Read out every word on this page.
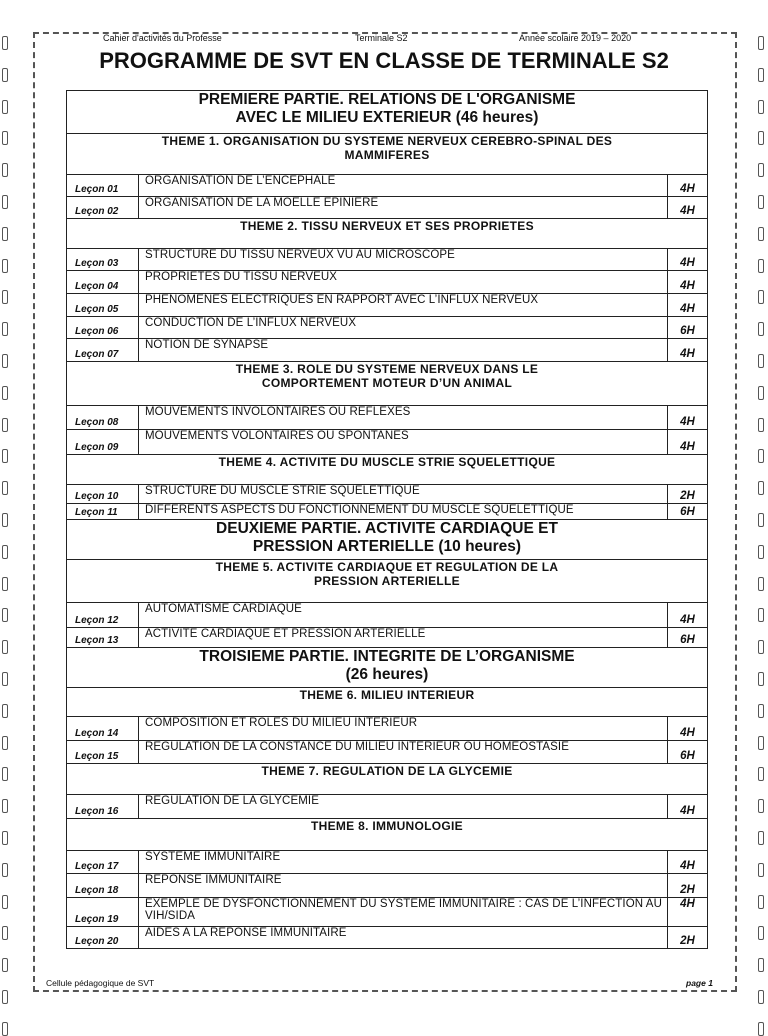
Cahier d'activités du Professe	Terminale S2	Année scolaire 2019 – 2020
PROGRAMME DE SVT EN CLASSE DE TERMINALE S2
PREMIERE PARTIE. RELATIONS DE L'ORGANISME
AVEC LE MILIEU EXTERIEUR (46 heures)		

THEME 1. ORGANISATION DU SYSTEME NERVEUX CEREBRO-SPINAL DES
MAMMIFERES		

Leçon 01	ORGANISATION DE L’ENCEPHALE	4H
Leçon 02	ORGANISATION DE LA MOELLE EPINIERE	4H

THEME 2. TISSU NERVEUX ET SES PROPRIETES		

Leçon 03	STRUCTURE DU TISSU NERVEUX VU AU MICROSCOPE	4H
Leçon 04	PROPRIETES DU TISSU NERVEUX	4H
Leçon 05	PHENOMENES ELECTRIQUES EN RAPPORT AVEC L’INFLUX NERVEUX	4H
Leçon 06	CONDUCTION DE L’INFLUX NERVEUX	6H
Leçon 07	NOTION DE SYNAPSE	4H

THEME 3. ROLE DU SYSTEME NERVEUX DANS LE
COMPORTEMENT MOTEUR D’UN ANIMAL		

Leçon 08	MOUVEMENTS INVOLONTAIRES OU REFLEXES	4H
Leçon 09	MOUVEMENTS VOLONTAIRES OU SPONTANES	4H

THEME 4. ACTIVITE DU MUSCLE STRIE SQUELETTIQUE		

Leçon 10	STRUCTURE DU MUSCLE STRIE SQUELETTIQUE	2H
Leçon 11	DIFFERENTS ASPECTS DU FONCTIONNEMENT DU MUSCLE SQUELETTIQUE	6H

DEUXIEME PARTIE. ACTIVITE CARDIAQUE ET
PRESSION ARTERIELLE (10 heures)		

THEME 5. ACTIVITE CARDIAQUE ET REGULATION DE LA
PRESSION ARTERIELLE		

Leçon 12	AUTOMATISME CARDIAQUE	4H
Leçon 13	ACTIVITE CARDIAQUE ET PRESSION ARTERIELLE	6H

TROISIEME PARTIE. INTEGRITE DE L’ORGANISME
(26 heures)		

THEME 6. MILIEU INTERIEUR		

Leçon 14	COMPOSITION ET ROLES DU MILIEU INTERIEUR	4H
Leçon 15	REGULATION DE LA CONSTANCE DU MILIEU INTERIEUR OU HOMEOSTASIE	6H

THEME 7. REGULATION DE LA GLYCEMIE		

Leçon 16	REGULATION DE LA GLYCEMIE	4H

THEME 8. IMMUNOLOGIE		

Leçon 17	SYSTEME IMMUNITAIRE	4H
Leçon 18	REPONSE IMMUNITAIRE	2H
Leçon 19	EXEMPLE DE DYSFONCTIONNEMENT DU SYSTEME IMMUNITAIRE : CAS DE L’INFECTION AU VIH/SIDA	4H
Leçon 20	AIDES A LA REPONSE IMMUNITAIRE	2H
Cellule pédagogique de SVT	page 1
